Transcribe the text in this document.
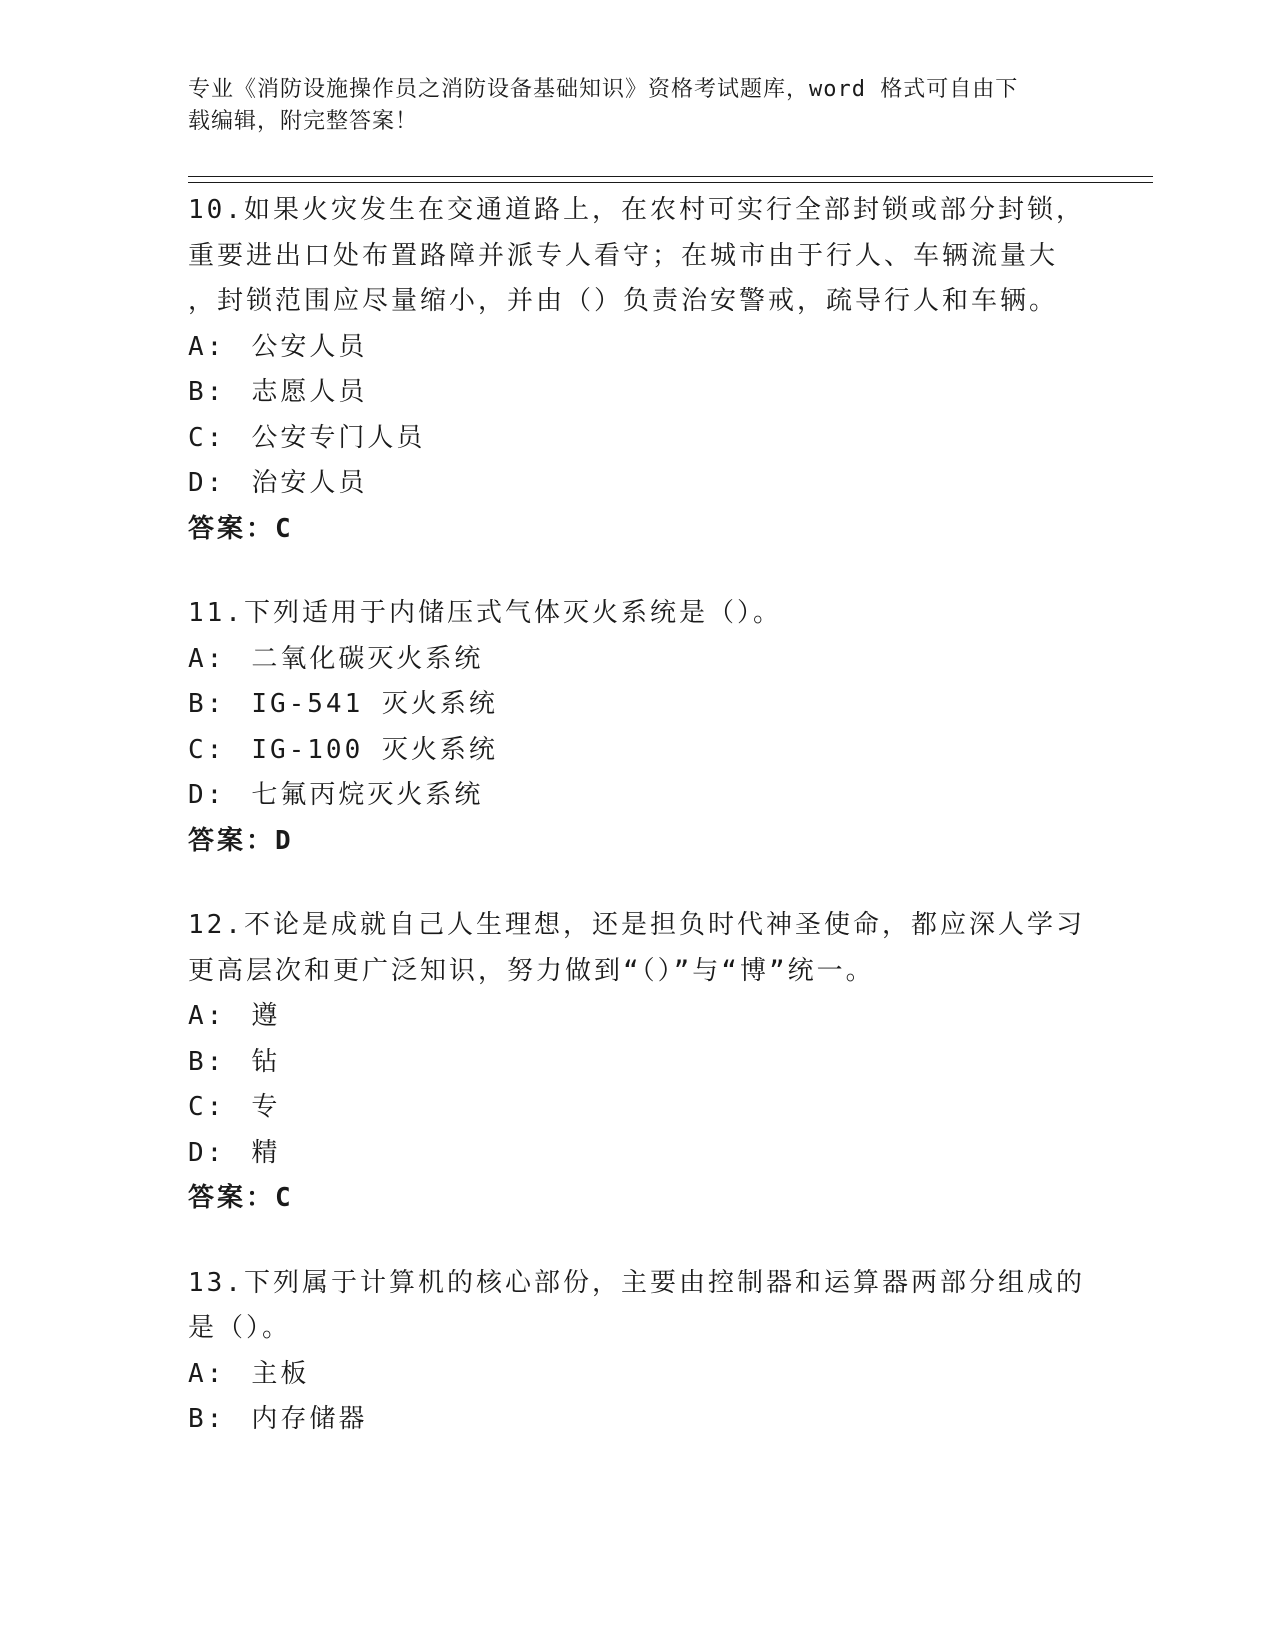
专业《消防设施操作员之消防设备基础知识》资格考试题库，word 格式可自由下
载编辑，附完整答案！

10.如果火灾发生在交通道路上，在农村可实行全部封锁或部分封锁，

重要进出口处布置路障并派专人看守；在城市由于行人、车辆流量大

，封锁范围应尽量缩小，并由（）负责治安警戒，疏导行人和车辆。

A: 公安人员

B: 志愿人员

C: 公安专门人员

D: 治安人员

答案： C

11.下列适用于内储压式气体灭火系统是（）。

A: 二氧化碳灭火系统

B: IG-541 灭火系统

C: IG-100 灭火系统

D: 七氟丙烷灭火系统

答案： D

12.不论是成就自己人生理想，还是担负时代神圣使命，都应深人学习

更高层次和更广泛知识，努力做到“（）”与“博”统一。

A: 遵

B: 钻

C: 专

D: 精

答案： C

13.下列属于计算机的核心部份，主要由控制器和运算器两部分组成的

是（）。

A: 主板

B: 内存储器
